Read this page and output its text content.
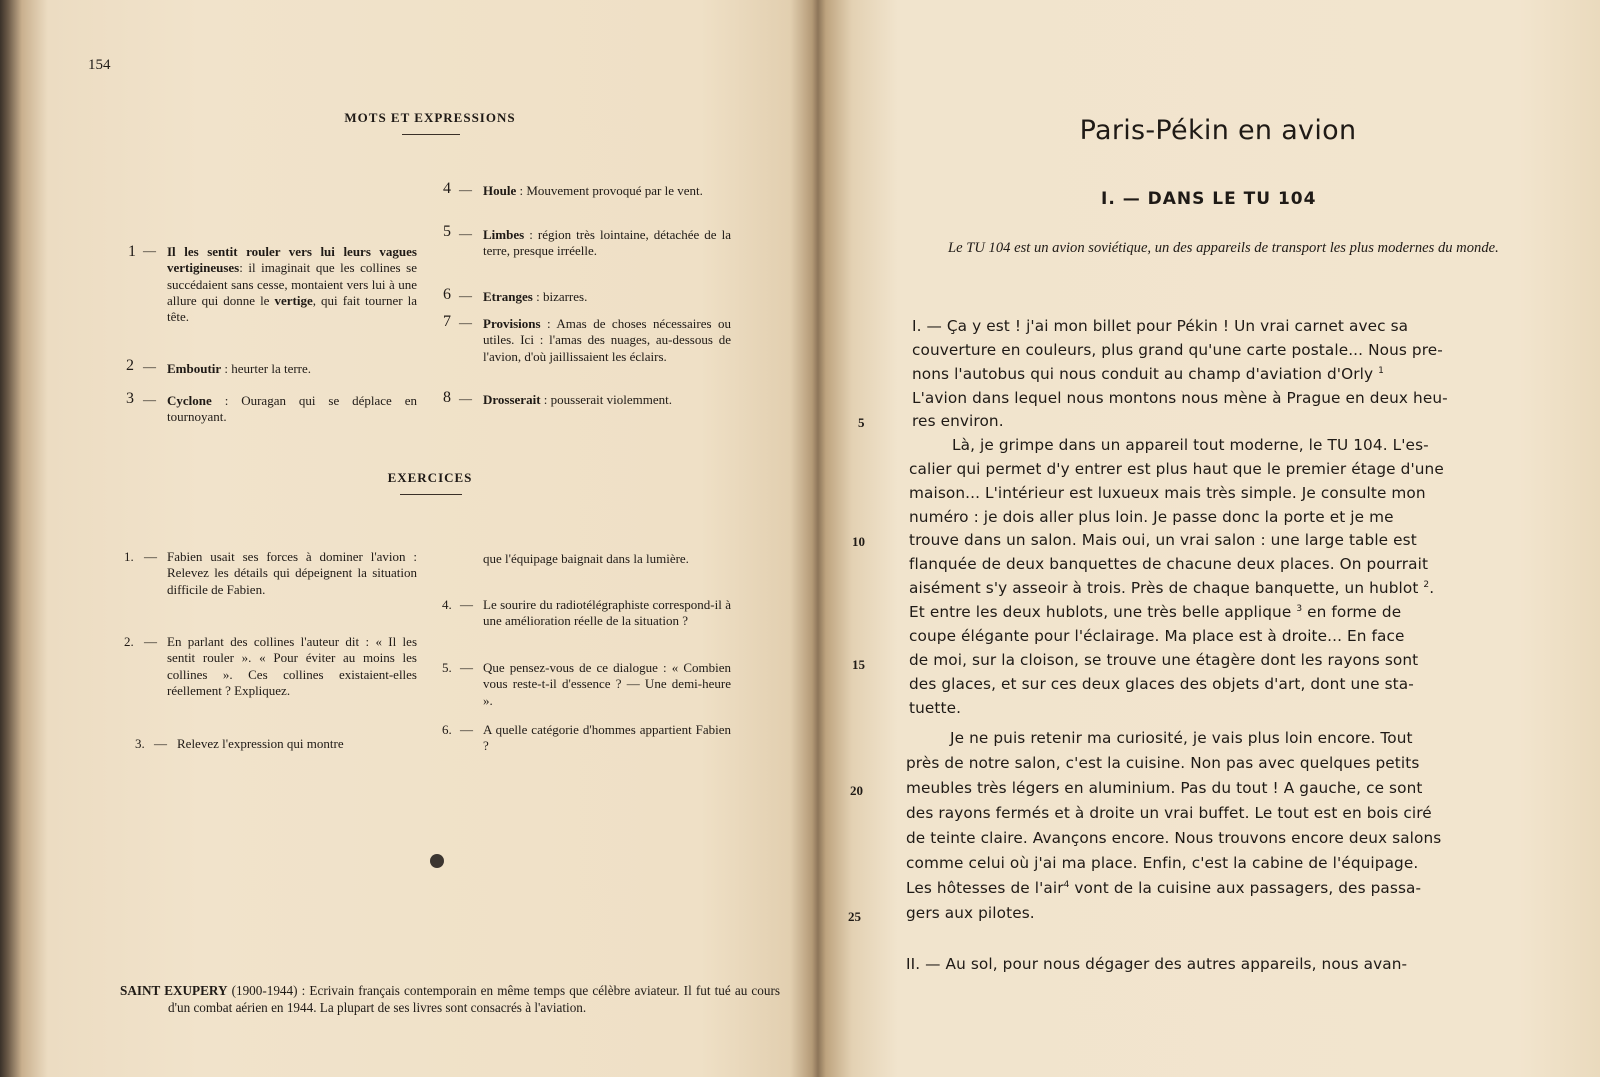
154
MOTS ET EXPRESSIONS
1 — Il les sentit rouler vers lui leurs vagues vertigineuses: il imaginait que les collines se succédaient sans cesse, montaient vers lui à une allure qui donne le vertige, qui fait tourner la tête.
2 — Emboutir : heurter la terre.
3 — Cyclone : Ouragan qui se déplace en tournoyant.
4 — Houle : Mouvement provoqué par le vent.
5 — Limbes : région très lointaine, détachée de la terre, presque irréelle.
6 — Etranges : bizarres.
7 — Provisions : Amas de choses nécessaires ou utiles. Ici : l'amas des nuages, au-dessous de l'avion, d'où jaillissaient les éclairs.
8 — Drosserait : pousserait violemment.
EXERCICES
1. — Fabien usait ses forces à dominer l'avion : Relevez les détails qui dépeignent la situation difficile de Fabien.
2. — En parlant des collines l'auteur dit : « Il les sentit rouler ». « Pour éviter au moins les collines ». Ces collines existaient-elles réellement ? Expliquez.
3. — Relevez l'expression qui montre
que l'équipage baignait dans la lumière.
4. — Le sourire du radiotélégraphiste correspond-il à une amélioration réelle de la situation ?
5. — Que pensez-vous de ce dialogue : « Combien vous reste-t-il d'essence ? — Une demi-heure ».
6. — A quelle catégorie d'hommes appartient Fabien ?
SAINT EXUPERY (1900-1944) : Ecrivain français contemporain en même temps que célèbre aviateur. Il fut tué au cours d'un combat aérien en 1944. La plupart de ses livres sont consacrés à l'aviation.
Paris-Pékin en avion
I. — DANS LE TU 104
Le TU 104 est un avion soviétique, un des appareils de transport les plus modernes du monde.
I. — Ça y est ! j'ai mon billet pour Pékin ! Un vrai carnet avec sa
couverture en couleurs, plus grand qu'une carte postale... Nous pre-
nons l'autobus qui nous conduit au champ d'aviation d'Orly $^1$
L'avion dans lequel nous montons nous mène à Prague en deux heu-
res environ.
Là, je grimpe dans un appareil tout moderne, le TU 104. L'es-
calier qui permet d'y entrer est plus haut que le premier étage d'une
maison... L'intérieur est luxueux mais très simple. Je consulte mon
numéro : je dois aller plus loin. Je passe donc la porte et je me
trouve dans un salon. Mais oui, un vrai salon : une large table est
flanquée de deux banquettes de chacune deux places. On pourrait
aisément s'y asseoir à trois. Près de chaque banquette, un hublot $^2$.
Et entre les deux hublots, une très belle applique $^3$ en forme de
coupe élégante pour l'éclairage. Ma place est à droite... En face
de moi, sur la cloison, se trouve une étagère dont les rayons sont
des glaces, et sur ces deux glaces des objets d'art, dont une sta-
tuette.
Je ne puis retenir ma curiosité, je vais plus loin encore. Tout
près de notre salon, c'est la cuisine. Non pas avec quelques petits
meubles très légers en aluminium. Pas du tout ! A gauche, ce sont
des rayons fermés et à droite un vrai buffet. Le tout est en bois ciré
de teinte claire. Avançons encore. Nous trouvons encore deux salons
comme celui où j'ai ma place. Enfin, c'est la cabine de l'équipage.
Les hôtesses de l'air$^4$ vont de la cuisine aux passagers, des passa-
gers aux pilotes.
II. — Au sol, pour nous dégager des autres appareils, nous avan-
5
10
15
20
25
